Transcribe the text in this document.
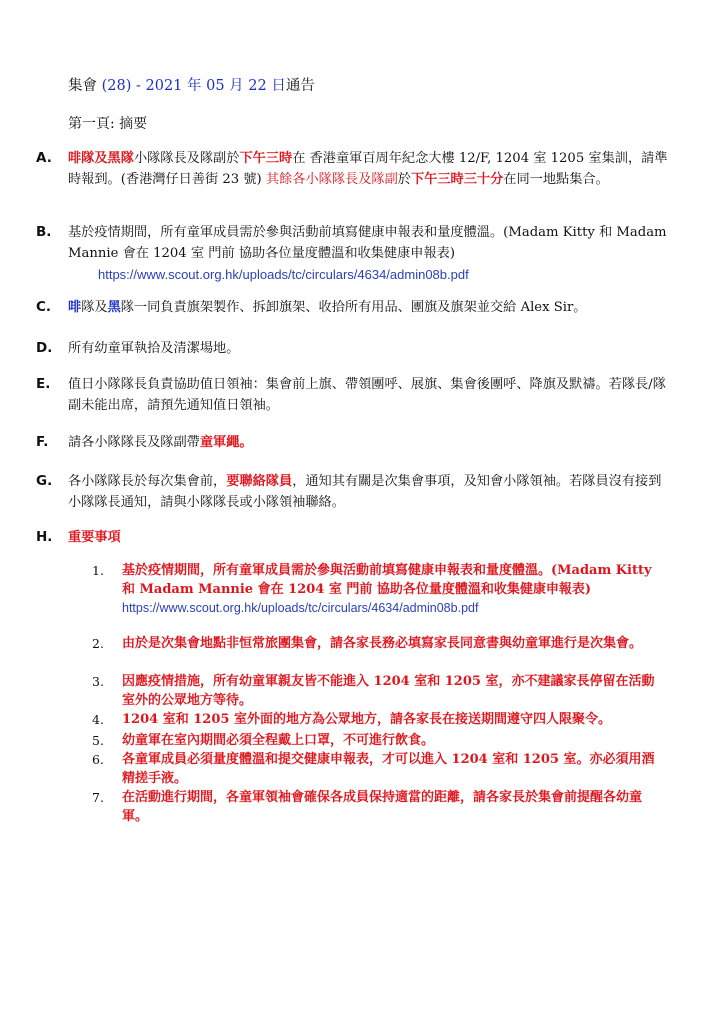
集會 (28) - 2021 年 05 月 22 日通告
第一頁: 摘要
A.	啡隊及黑隊小隊隊長及隊副於下午三時在 香港童軍百周年紀念大樓 12/F, 1204 室 1205 室集訓，請準時報到。(香港灣仔日善街 23 號) 其餘各小隊隊長及隊副於下午三時三十分在同一地點集合。

B.	基於疫情期間，所有童軍成員需於參與活動前填寫健康申報表和量度體溫。(Madam Kitty 和 Madam Mannie 會在 1204 室 門前 協助各位量度體溫和收集健康申報表)

https://www.scout.org.hk/uploads/tc/circulars/4634/admin08b.pdf
C.	啡隊及黑隊一同負責旗架製作、拆卸旗架、收拾所有用品、團旗及旗架並交給 Alex Sir。

D.	所有幼童軍執拾及清潔場地。

E.	值日小隊隊長負責協助值日領袖：集會前上旗、帶領團呼、展旗、集會後團呼、降旗及默禱。若隊長/隊副未能出席，請預先通知值日領袖。

F.	請各小隊隊長及隊副帶童軍繩。

G.	各小隊隊長於每次集會前，要聯絡隊員，通知其有關是次集會事項，及知會小隊領袖。若隊員沒有接到小隊隊長通知，請與小隊隊長或小隊領袖聯絡。

H.	重要事項

1.	基於疫情期間，所有童軍成員需於參與活動前填寫健康申報表和量度體溫。(Madam Kitty 和 Madam Mannie 會在 1204 室 門前 協助各位量度體溫和收集健康申報表)
https://www.scout.org.hk/uploads/tc/circulars/4634/admin08b.pdf
2.	由於是次集會地點非恒常旅團集會，請各家長務必填寫家長同意書與幼童軍進行是次集會。
3.	因應疫情措施，所有幼童軍親友皆不能進入 1204 室和 1205 室，亦不建議家長停留在活動室外的公眾地方等待。
4.	1204 室和 1205 室外面的地方為公眾地方，請各家長在接送期間遵守四人限聚令。
5.	幼童軍在室內期間必須全程戴上口罩，不可進行飲食。
6.	各童軍成員必須量度體溫和提交健康申報表，才可以進入 1204 室和 1205 室。亦必須用酒精搓手液。
7.	在活動進行期間，各童軍領袖會確保各成員保持適當的距離，請各家長於集會前提醒各幼童軍。
